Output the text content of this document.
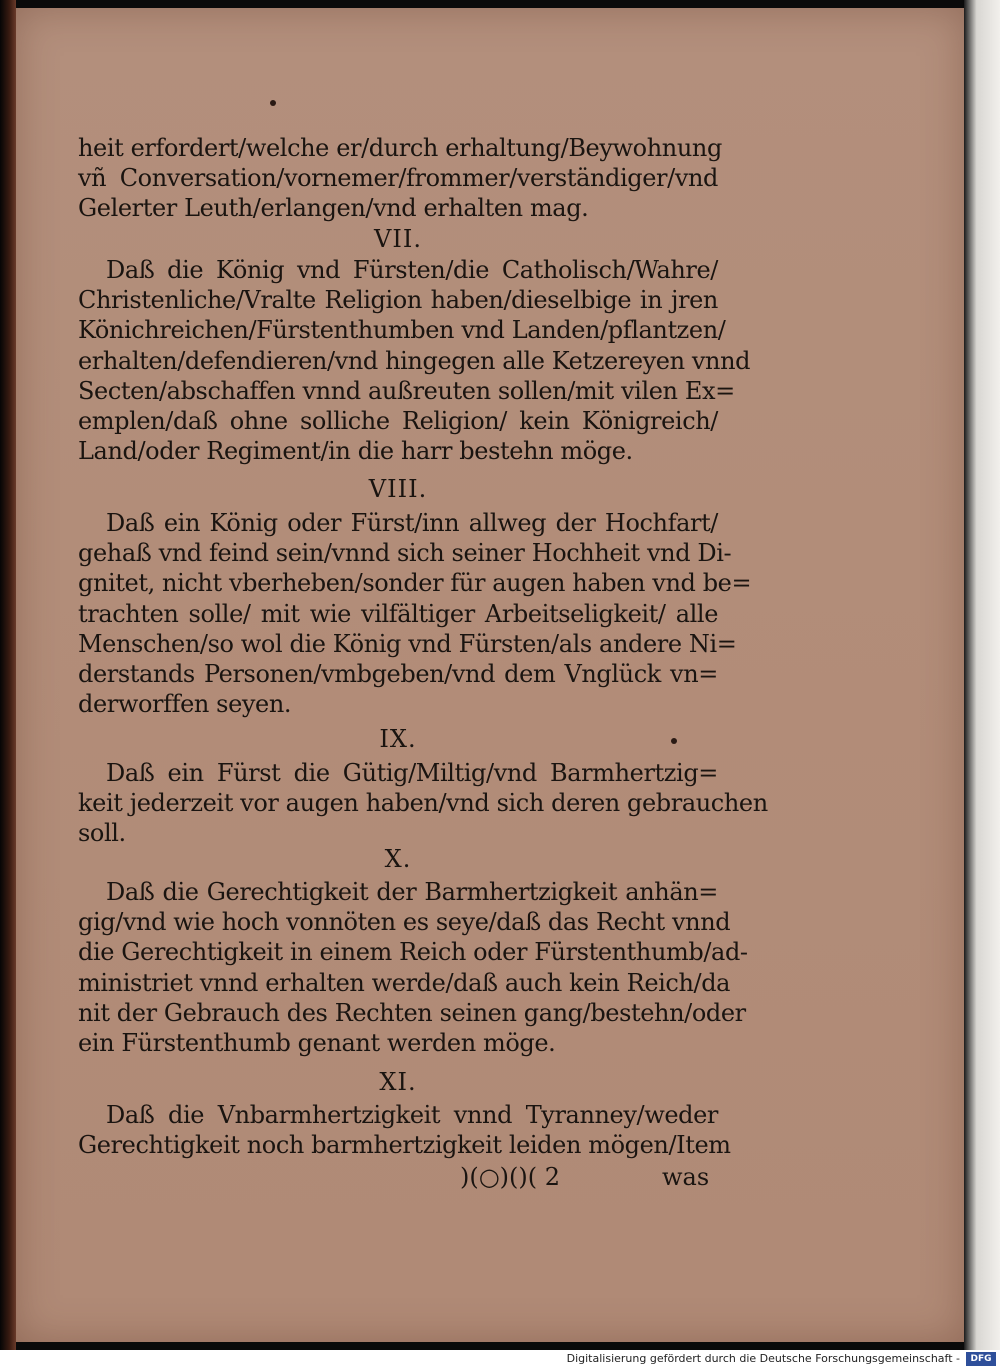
heit erfordert/welche er/durch erhaltung/Beywohnung
vñ Conversation/vornemer/frommer/verständiger/vnd
Gelerter Leuth/erlangen/vnd erhalten mag.
VII.
Daß die König vnd Fürsten/die Catholisch/Wahre/
Christenliche/Vralte Religion haben/dieselbige in jren
Könichreichen/Fürstenthumben vnd Landen/pflantzen/
erhalten/defendieren/vnd hingegen alle Ketzereyen vnnd
Secten/abschaffen vnnd außreuten sollen/mit vilen Ex=
emplen/daß ohne solliche Religion/ kein Königreich/
Land/oder Regiment/in die harr bestehn möge.
VIII.
Daß ein König oder Fürst/inn allweg der Hochfart/
gehaß vnd feind sein/vnnd sich seiner Hochheit vnd Di-
gnitet, nicht vberheben/sonder für augen haben vnd be=
trachten solle/ mit wie vilfältiger Arbeitseligkeit/ alle
Menschen/so wol die König vnd Fürsten/als andere Ni=
derstands Personen/vmbgeben/vnd dem Vnglück vn=
derworffen seyen.
IX.
Daß ein Fürst die Gütig/Miltig/vnd Barmhertzig=
keit jederzeit vor augen haben/vnd sich deren gebrauchen
soll.
X.
Daß die Gerechtigkeit der Barmhertzigkeit anhän=
gig/vnd wie hoch vonnöten es seye/daß das Recht vnnd
die Gerechtigkeit in einem Reich oder Fürstenthumb/ad-
ministriet vnnd erhalten werde/daß auch kein Reich/da
nit der Gebrauch des Rechten seinen gang/bestehn/oder
ein Fürstenthumb genant werden möge.
XI.
Daß die Vnbarmhertzigkeit vnnd Tyranney/weder
Gerechtigkeit noch barmhertzigkeit leiden mögen/Item
)(○)()( 2	was
Digitalisierung gefördert durch die Deutsche Forschungsgemeinschaft -	DFG
